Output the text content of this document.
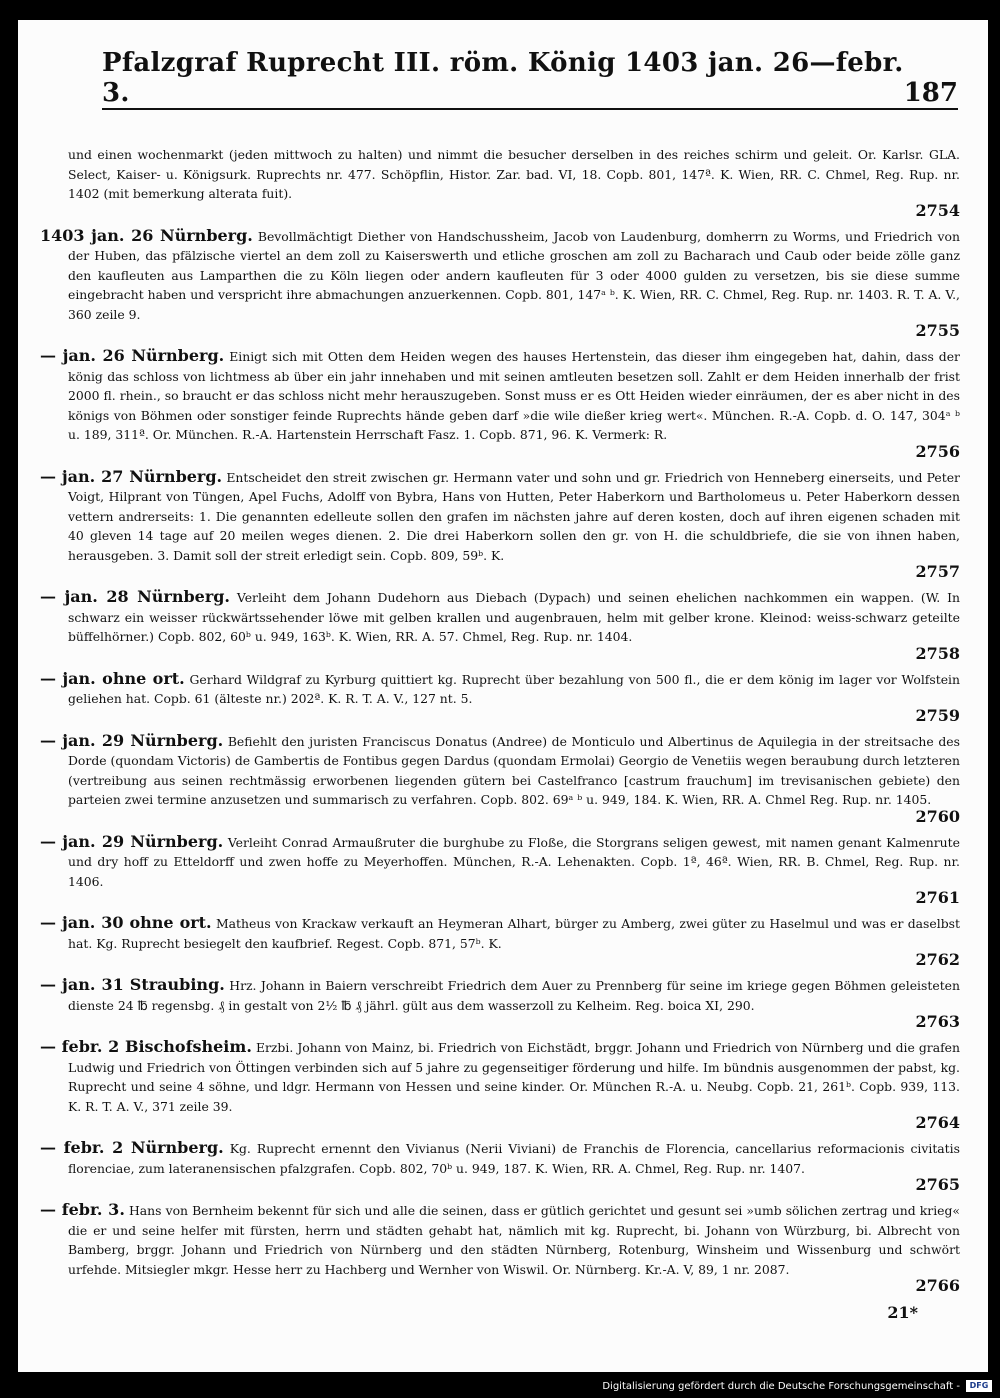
Pfalzgraf Ruprecht III. röm. König 1403 jan. 26—febr. 3.	187
und einen wochenmarkt (jeden mittwoch zu halten) und nimmt die besucher derselben in des reiches schirm und geleit. Or. Karlsr. GLA. Select, Kaiser- u. Königsurk. Ruprechts nr. 477. Schöpflin, Histor. Zar. bad. VI, 18. Copb. 801, 147ª. K. Wien, RR. C. Chmel, Reg. Rup. nr. 1402 (mit bemerkung alterata fuit).
2754
1403 jan. 26 Nürnberg. Bevollmächtigt Diether von Handschussheim, Jacob von Laudenburg, domherrn zu Worms, und Friedrich von der Huben, das pfälzische viertel an dem zoll zu Kaiserswerth und etliche groschen am zoll zu Bacharach und Caub oder beide zölle ganz den kaufleuten aus Lamparthen die zu Köln liegen oder andern kaufleuten für 3 oder 4000 gulden zu versetzen, bis sie diese summe eingebracht haben und verspricht ihre abmachungen anzuerkennen. Copb. 801, 147ᵃ ᵇ. K. Wien, RR. C. Chmel, Reg. Rup. nr. 1403. R. T. A. V., 360 zeile 9.
2755
— jan. 26 Nürnberg. Einigt sich mit Otten dem Heiden wegen des hauses Hertenstein, das dieser ihm eingegeben hat, dahin, dass der könig das schloss von lichtmess ab über ein jahr innehaben und mit seinen amtleuten besetzen soll. Zahlt er dem Heiden innerhalb der frist 2000 fl. rhein., so braucht er das schloss nicht mehr herauszugeben. Sonst muss er es Ott Heiden wieder einräumen, der es aber nicht in des königs von Böhmen oder sonstiger feinde Ruprechts hände geben darf »die wile dießer krieg wert«. München. R.-A. Copb. d. O. 147, 304ᵃ ᵇ u. 189, 311ª. Or. München. R.-A. Hartenstein Herrschaft Fasz. 1. Copb. 871, 96. K. Vermerk: R.
2756
— jan. 27 Nürnberg. Entscheidet den streit zwischen gr. Hermann vater und sohn und gr. Friedrich von Henneberg einerseits, und Peter Voigt, Hilprant von Tüngen, Apel Fuchs, Adolff von Bybra, Hans von Hutten, Peter Haberkorn und Bartholomeus u. Peter Haberkorn dessen vettern andrerseits: 1. Die genannten edelleute sollen den grafen im nächsten jahre auf deren kosten, doch auf ihren eigenen schaden mit 40 gleven 14 tage auf 20 meilen weges dienen. 2. Die drei Haberkorn sollen den gr. von H. die schuldbriefe, die sie von ihnen haben, herausgeben. 3. Damit soll der streit erledigt sein. Copb. 809, 59ᵇ. K.
2757
— jan. 28 Nürnberg. Verleiht dem Johann Dudehorn aus Diebach (Dypach) und seinen ehelichen nachkommen ein wappen. (W. In schwarz ein weisser rückwärtssehender löwe mit gelben krallen und augenbrauen, helm mit gelber krone. Kleinod: weiss-schwarz geteilte büffelhörner.) Copb. 802, 60ᵇ u. 949, 163ᵇ. K. Wien, RR. A. 57. Chmel, Reg. Rup. nr. 1404.
2758
— jan. ohne ort. Gerhard Wildgraf zu Kyrburg quittiert kg. Ruprecht über bezahlung von 500 fl., die er dem könig im lager vor Wolfstein geliehen hat. Copb. 61 (älteste nr.) 202ª. K. R. T. A. V., 127 nt. 5.
2759
— jan. 29 Nürnberg. Befiehlt den juristen Franciscus Donatus (Andree) de Monticulo und Albertinus de Aquilegia in der streitsache des Dorde (quondam Victoris) de Gambertis de Fontibus gegen Dardus (quondam Ermolai) Georgio de Venetiis wegen beraubung durch letzteren (vertreibung aus seinen rechtmässig erworbenen liegenden gütern bei Castelfranco [castrum frauchum] im trevisanischen gebiete) den parteien zwei termine anzusetzen und summarisch zu verfahren. Copb. 802. 69ᵃ ᵇ u. 949, 184. K. Wien, RR. A. Chmel Reg. Rup. nr. 1405.
2760
— jan. 29 Nürnberg. Verleiht Conrad Armaußruter die burghube zu Floße, die Storgrans seligen gewest, mit namen genant Kalmenrute und dry hoff zu Etteldorff und zwen hoffe zu Meyerhoffen. München, R.-A. Lehenakten. Copb. 1ª, 46ª. Wien, RR. B. Chmel, Reg. Rup. nr. 1406.
2761
— jan. 30 ohne ort. Matheus von Krackaw verkauft an Heymeran Alhart, bürger zu Amberg, zwei güter zu Haselmul und was er daselbst hat. Kg. Ruprecht besiegelt den kaufbrief. Regest. Copb. 871, 57ᵇ. K.
2762
— jan. 31 Straubing. Hrz. Johann in Baiern verschreibt Friedrich dem Auer zu Prennberg für seine im kriege gegen Böhmen geleisteten dienste 24 ℔ regensbg. ₰ in gestalt von 2½ ℔ ₰ jährl. gült aus dem wasserzoll zu Kelheim. Reg. boica XI, 290.
2763
— febr. 2 Bischofsheim. Erzbi. Johann von Mainz, bi. Friedrich von Eichstädt, brggr. Johann und Friedrich von Nürnberg und die grafen Ludwig und Friedrich von Öttingen verbinden sich auf 5 jahre zu gegenseitiger förderung und hilfe. Im bündnis ausgenommen der pabst, kg. Ruprecht und seine 4 söhne, und ldgr. Hermann von Hessen und seine kinder. Or. München R.-A. u. Neubg. Copb. 21, 261ᵇ. Copb. 939, 113. K. R. T. A. V., 371 zeile 39.
2764
— febr. 2 Nürnberg. Kg. Ruprecht ernennt den Vivianus (Nerii Viviani) de Franchis de Florencia, cancellarius reformacionis civitatis florenciae, zum lateranensischen pfalzgrafen. Copb. 802, 70ᵇ u. 949, 187. K. Wien, RR. A. Chmel, Reg. Rup. nr. 1407.
2765
— febr. 3. Hans von Bernheim bekennt für sich und alle die seinen, dass er gütlich gerichtet und gesunt sei »umb sölichen zertrag und krieg« die er und seine helfer mit fürsten, herrn und städten gehabt hat, nämlich mit kg. Ruprecht, bi. Johann von Würzburg, bi. Albrecht von Bamberg, brggr. Johann und Friedrich von Nürnberg und den städten Nürnberg, Rotenburg, Winsheim und Wissenburg und schwört urfehde. Mitsiegler mkgr. Hesse herr zu Hachberg und Wernher von Wiswil. Or. Nürnberg. Kr.-A. V, 89, 1 nr. 2087.
2766
21*
Digitalisierung gefördert durch die Deutsche Forschungsgemeinschaft -	DFG
